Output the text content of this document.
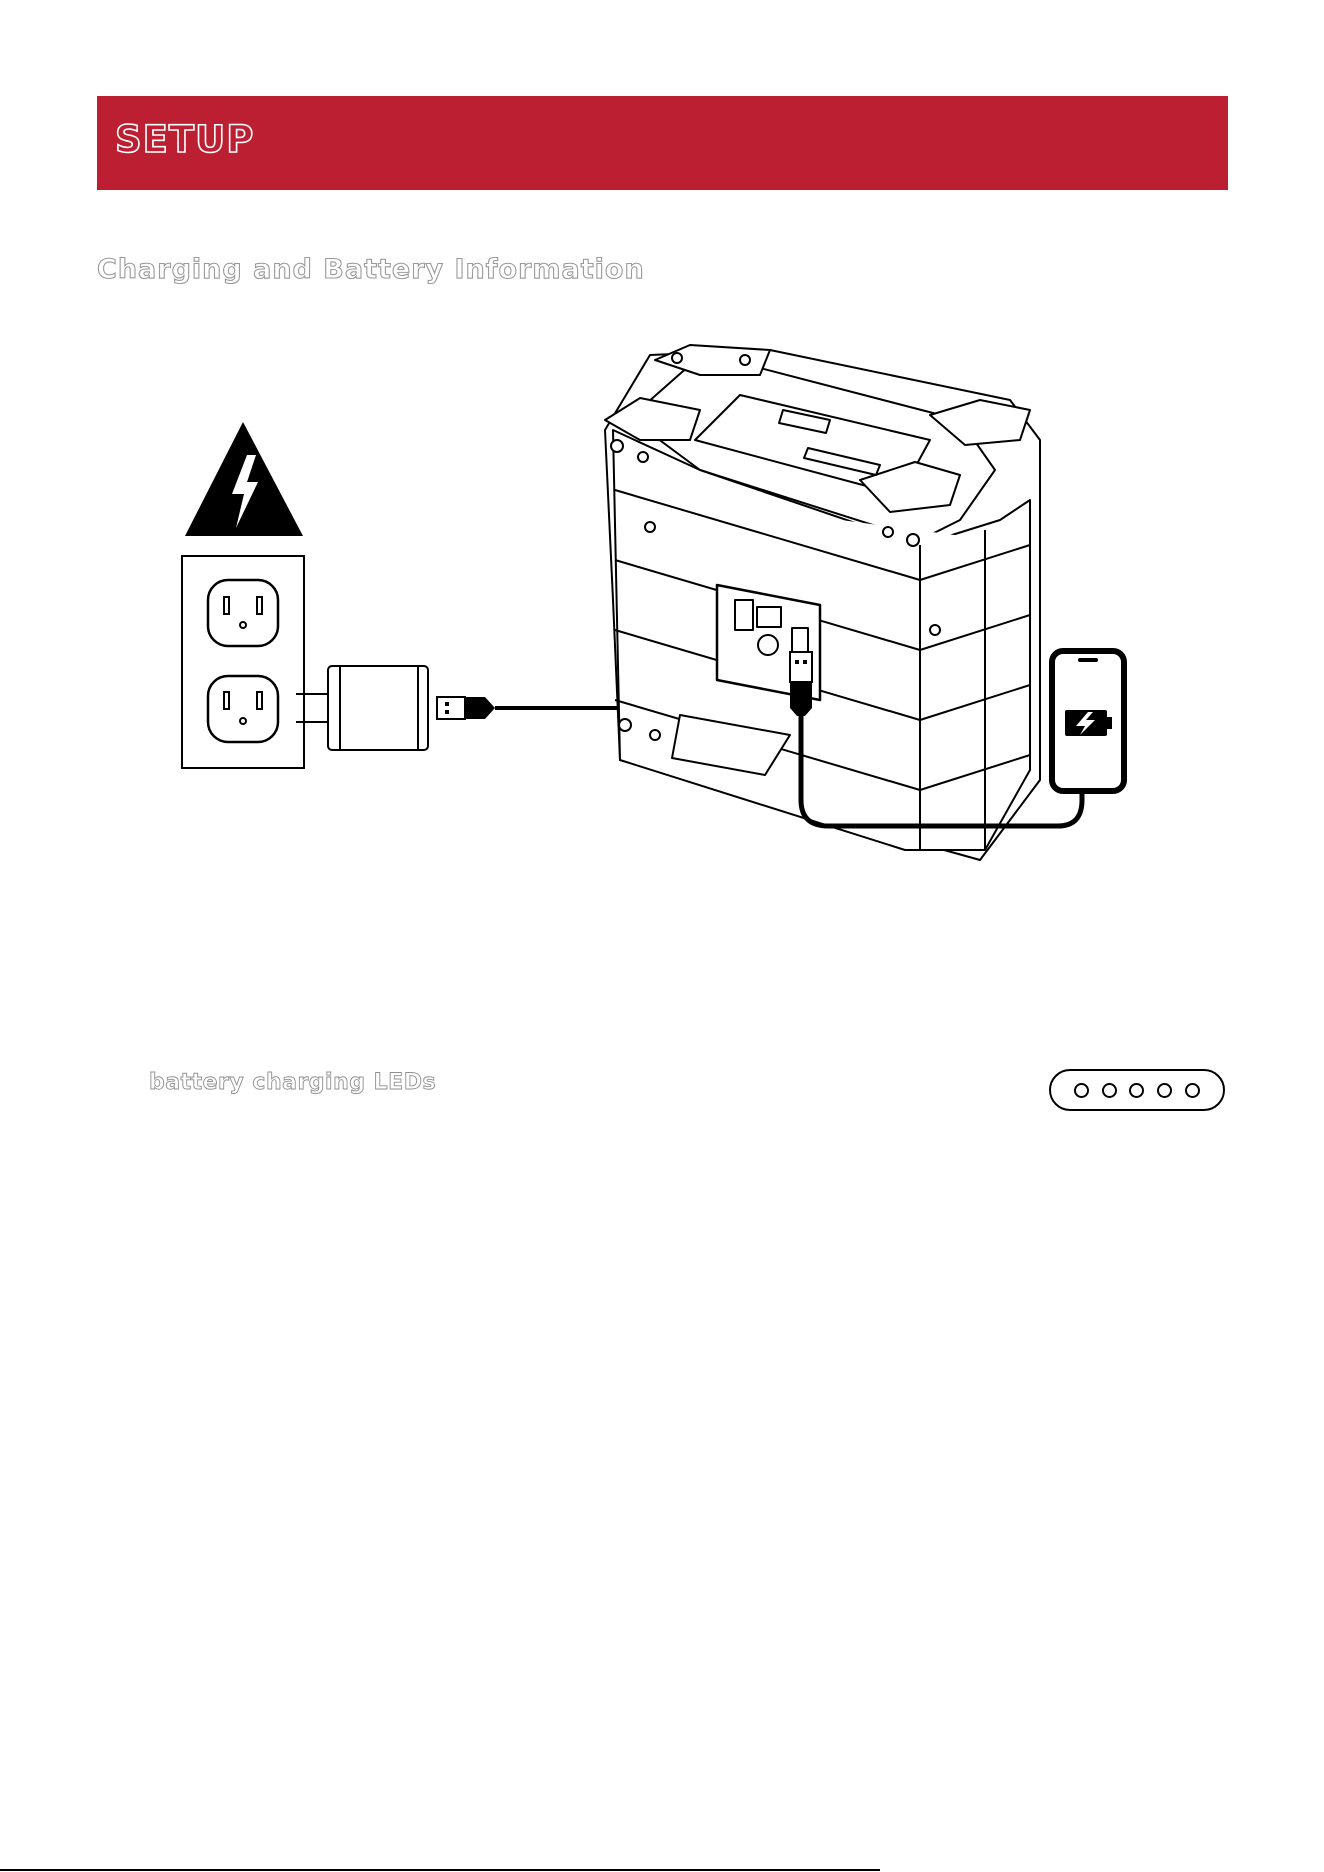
SETUP
Charging and Battery Information
battery charging LEDs
